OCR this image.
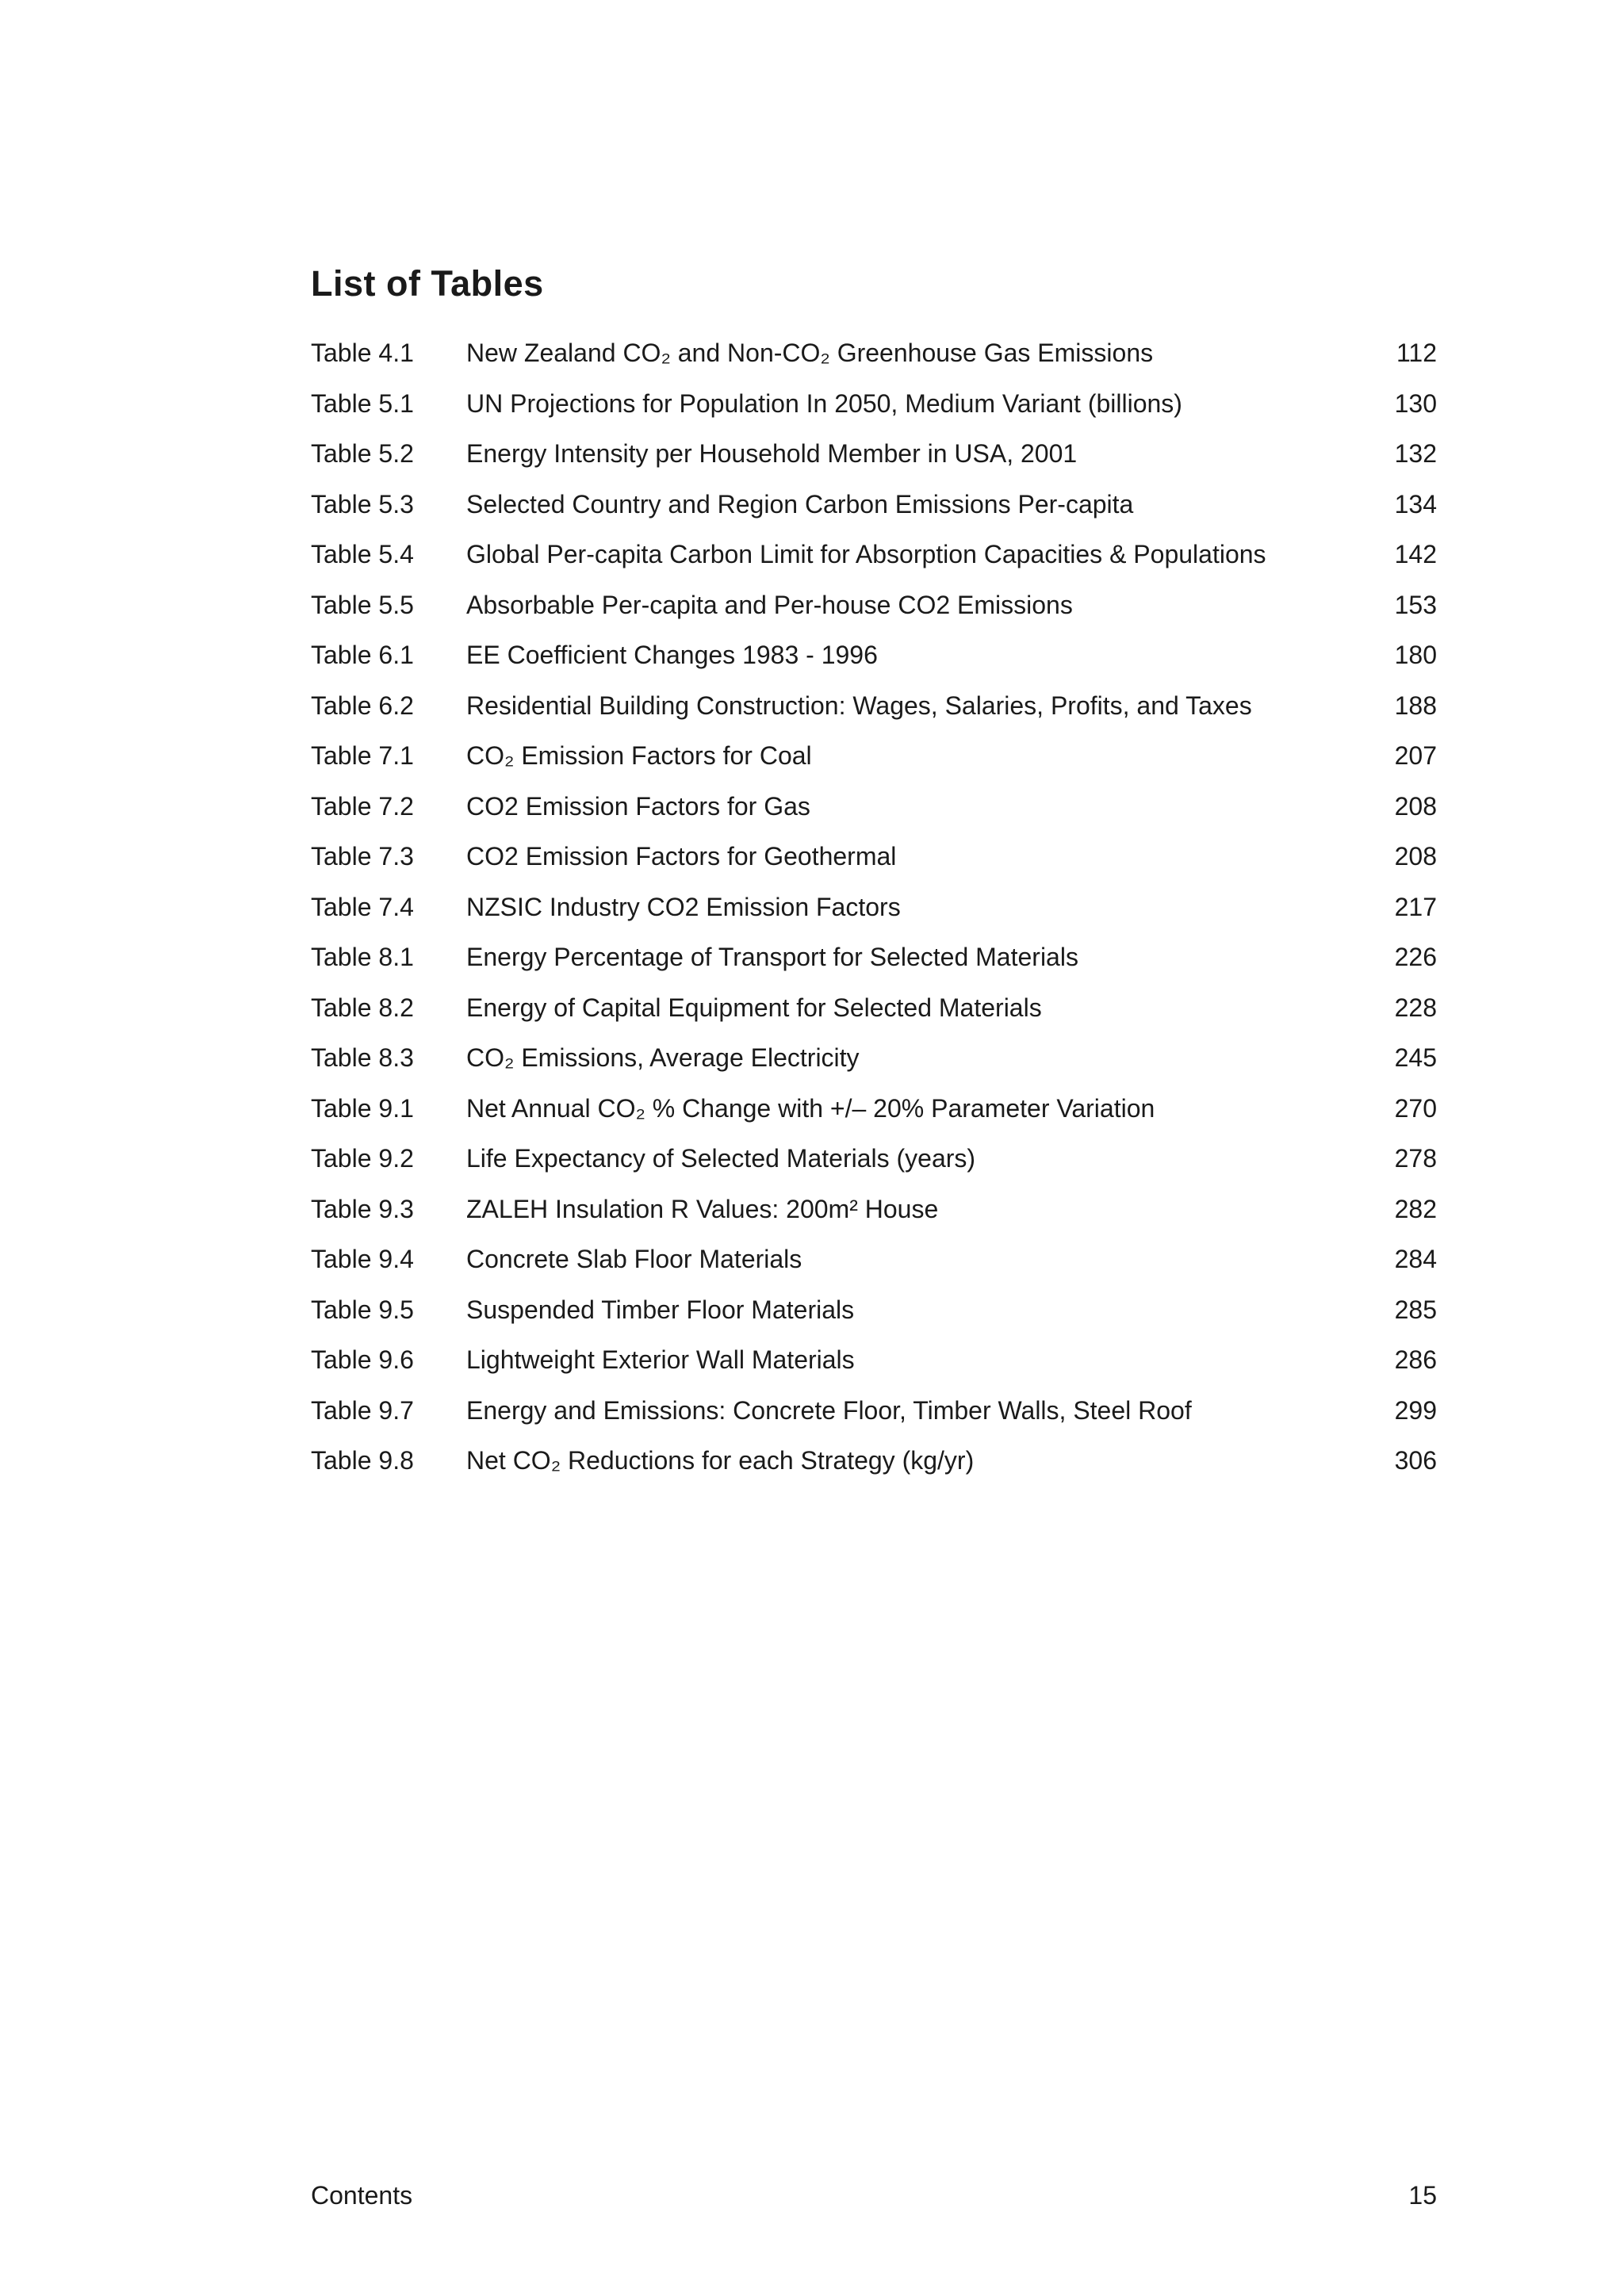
List of Tables
Table 4.1 New Zealand CO₂ and Non-CO₂ Greenhouse Gas Emissions	112
Table 5.1 UN Projections for Population In 2050, Medium Variant (billions)	130
Table 5.2 Energy Intensity per Household Member in USA, 2001	132
Table 5.3 Selected Country and Region Carbon Emissions Per-capita	134
Table 5.4 Global Per-capita Carbon Limit for Absorption Capacities & Populations	142
Table 5.5 Absorbable Per-capita and Per-house CO2 Emissions	153
Table 6.1 EE Coefficient Changes 1983 - 1996	180
Table 6.2 Residential Building Construction: Wages, Salaries, Profits, and Taxes	188
Table 7.1 CO₂ Emission Factors for Coal	207
Table 7.2 CO2 Emission Factors for Gas	208
Table 7.3 CO2 Emission Factors for Geothermal	208
Table 7.4 NZSIC Industry CO2 Emission Factors	217
Table 8.1 Energy Percentage of Transport for Selected Materials	226
Table 8.2 Energy of Capital Equipment for Selected Materials	228
Table 8.3 CO₂ Emissions, Average Electricity	245
Table 9.1 Net Annual CO₂ % Change with +/– 20% Parameter Variation	270
Table 9.2 Life Expectancy of Selected Materials (years)	278
Table 9.3 ZALEH Insulation R Values: 200m² House	282
Table 9.4 Concrete Slab Floor Materials	284
Table 9.5 Suspended Timber Floor Materials	285
Table 9.6 Lightweight Exterior Wall Materials	286
Table 9.7 Energy and Emissions: Concrete Floor, Timber Walls, Steel Roof	299
Table 9.8 Net CO₂ Reductions for each Strategy (kg/yr)	306
Contents	15
